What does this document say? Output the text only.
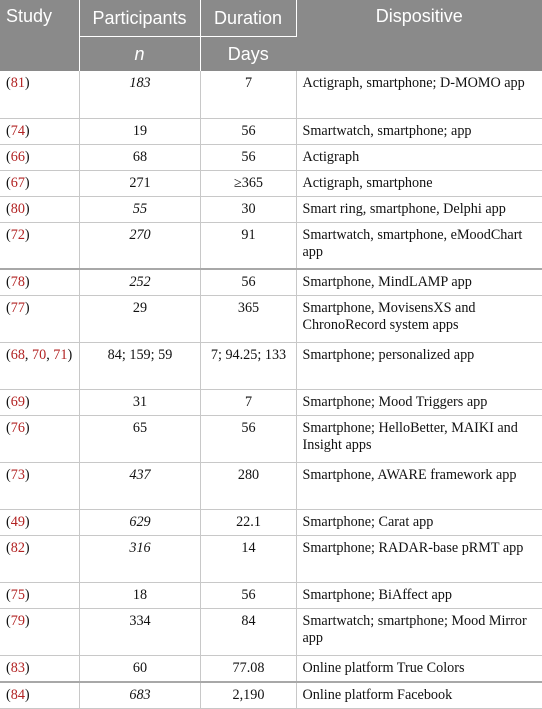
Study	Participants	Duration	Dispositive
	n	Days	
(81)	183	7	Actigraph, smartphone; D-MOMO app
(74)	19	56	Smartwatch, smartphone; app
(66)	68	56	Actigraph
(67)	271	≥365	Actigraph, smartphone
(80)	55	30	Smart ring, smartphone, Delphi app
(72)	270	91	Smartwatch, smartphone, eMoodChart app
(78)	252	56	Smartphone, MindLAMP app
(77)	29	365	Smartphone, MovisensXS and ChronoRecord system apps
(68, 70, 71)	84; 159; 59	7; 94.25; 133	Smartphone; personalized app
(69)	31	7	Smartphone; Mood Triggers app
(76)	65	56	Smartphone; HelloBetter, MAIKI and Insight apps
(73)	437	280	Smartphone, AWARE framework app
(49)	629	22.1	Smartphone; Carat app
(82)	316	14	Smartphone; RADAR-base pRMT app
(75)	18	56	Smartphone; BiAffect app
(79)	334	84	Smartwatch; smartphone; Mood Mirror app
(83)	60	77.08	Online platform True Colors
(84)	683	2,190	Online platform Facebook
